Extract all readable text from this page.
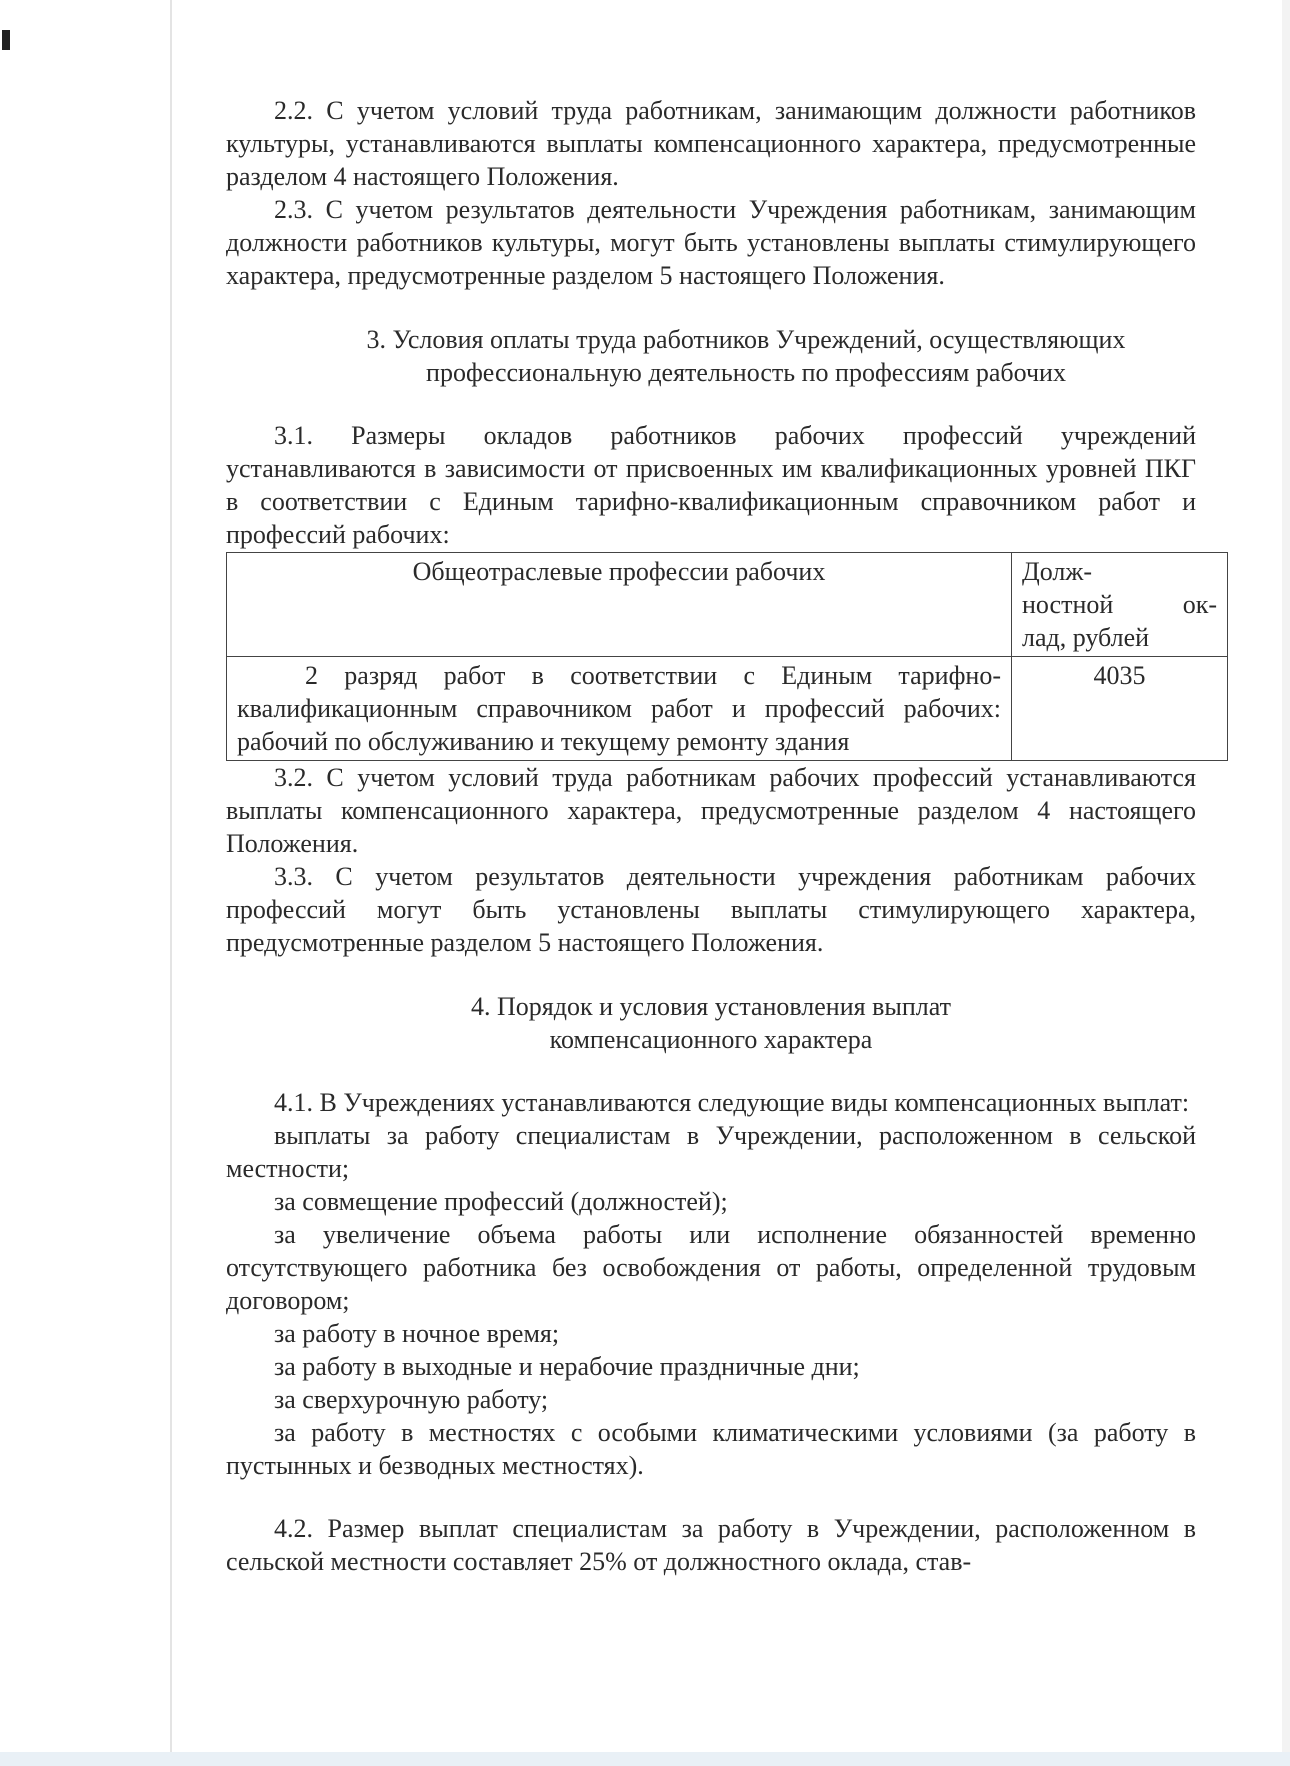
2.2. С учетом условий труда работникам, занимающим должности работников культуры, устанавливаются выплаты компенсационного характера, предусмотренные разделом 4 настоящего Положения.

2.3. С учетом результатов деятельности Учреждения работникам, занимающим должности работников культуры, могут быть установлены выплаты стимулирующего характера, предусмотренные разделом 5 настоящего Положения.

3. Условия оплаты труда работников Учреждений, осуществляющих
профессиональную деятельность по профессиям рабочих

3.1. Размеры окладов работников рабочих профессий учреждений устанавливаются в зависимости от присвоенных им квалификационных уровней ПКГ в соответствии с Единым тарифно-квалификационным справочником работ и профессий рабочих:

Общеотраслевые профессии рабочих	Долж-
ностной ок-
лад, рублей

2 разряд работ в соответствии с Единым тарифно-квалификационным справочником работ и профессий рабочих: рабочий по обслуживанию и текущему ремонту здания	4035

3.2. С учетом условий труда работникам рабочих профессий устанавливаются выплаты компенсационного характера, предусмотренные разделом 4 настоящего Положения.

3.3. С учетом результатов деятельности учреждения работникам рабочих профессий могут быть установлены выплаты стимулирующего характера, предусмотренные разделом 5 настоящего Положения.

4. Порядок и условия установления выплат
компенсационного характера

4.1. В Учреждениях устанавливаются следующие виды компенсационных выплат:

выплаты за работу специалистам в Учреждении, расположенном в сельской местности;

за совмещение профессий (должностей);

за увеличение объема работы или исполнение обязанностей временно отсутствующего работника без освобождения от работы, определенной трудовым договором;

за работу в ночное время;

за работу в выходные и нерабочие праздничные дни;

за сверхурочную работу;

за работу в местностях с особыми климатическими условиями (за работу в пустынных и безводных местностях).

4.2. Размер выплат специалистам за работу в Учреждении, расположенном в сельской местности составляет 25% от должностного оклада, став-
